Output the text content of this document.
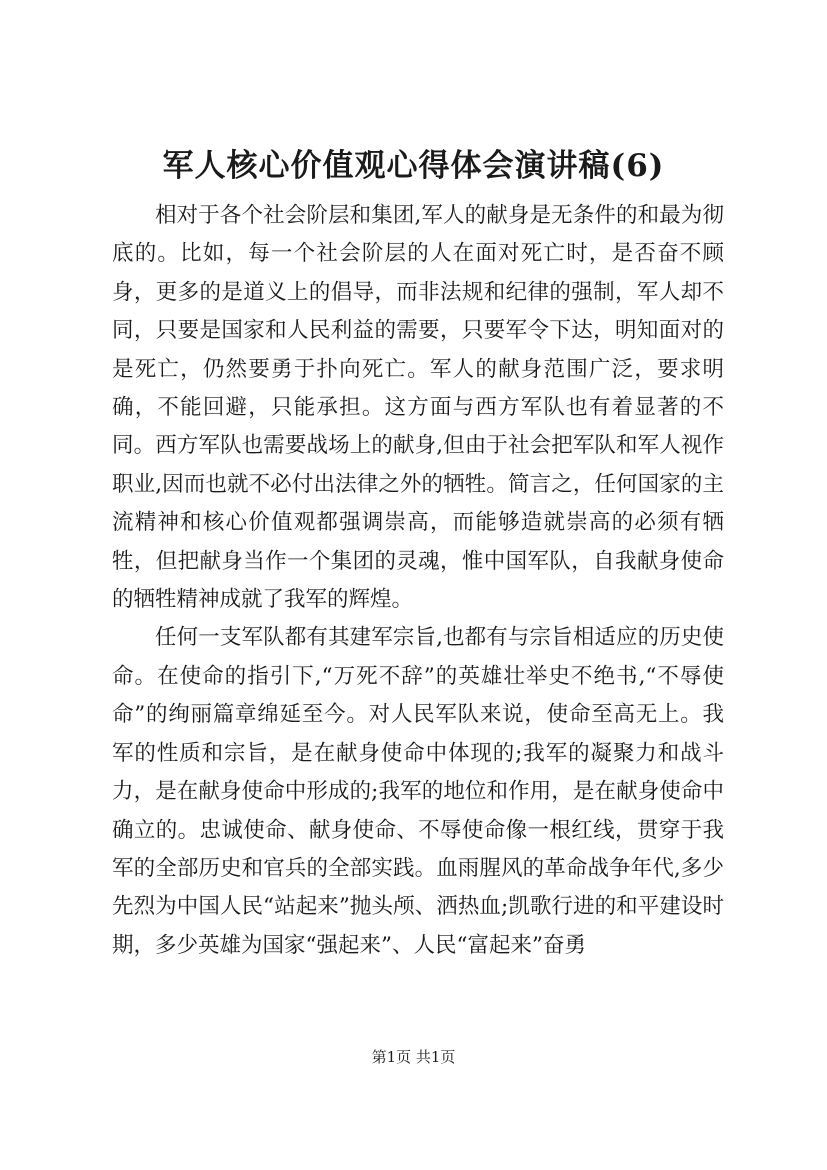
军人核心价值观心得体会演讲稿(6)

相对于各个社会阶层和集团,军人的献身是无条件的和最为彻底的。比如，每一个社会阶层的人在面对死亡时，是否奋不顾身，更多的是道义上的倡导，而非法规和纪律的强制，军人却不同，只要是国家和人民利益的需要，只要军令下达，明知面对的是死亡，仍然要勇于扑向死亡。军人的献身范围广泛，要求明确，不能回避，只能承担。这方面与西方军队也有着显著的不同。西方军队也需要战场上的献身,但由于社会把军队和军人视作职业,因而也就不必付出法律之外的牺牲。简言之，任何国家的主流精神和核心价值观都强调崇高，而能够造就崇高的必须有牺牲，但把献身当作一个集团的灵魂，惟中国军队，自我献身使命的牺牲精神成就了我军的辉煌。

任何一支军队都有其建军宗旨,也都有与宗旨相适应的历史使命。在使命的指引下,“万死不辞”的英雄壮举史不绝书,“不辱使命”的绚丽篇章绵延至今。对人民军队来说，使命至高无上。我军的性质和宗旨，是在献身使命中体现的;我军的凝聚力和战斗力，是在献身使命中形成的;我军的地位和作用，是在献身使命中确立的。忠诚使命、献身使命、不辱使命像一根红线，贯穿于我军的全部历史和官兵的全部实践。血雨腥风的革命战争年代,多少先烈为中国人民“站起来”抛头颅、洒热血;凯歌行进的和平建设时期，多少英雄为国家“强起来”、人民“富起来”奋勇

第1页 共1页
